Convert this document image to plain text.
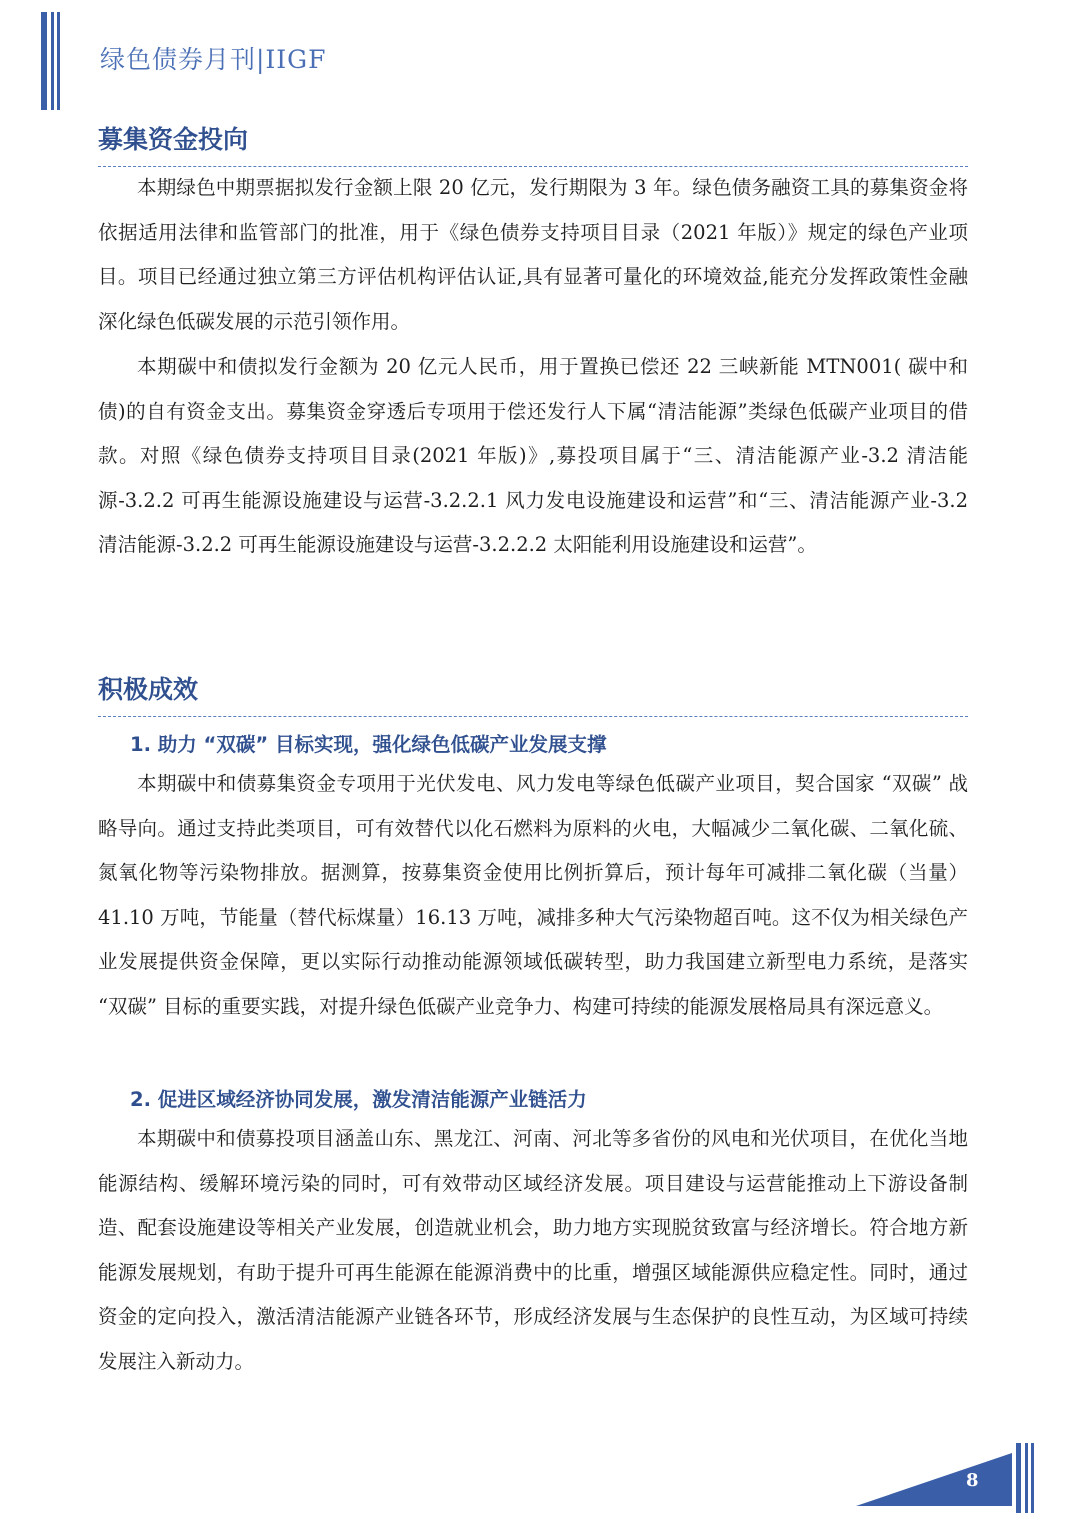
绿色债券月刊|IIGF
募集资金投向

本期绿色中期票据拟发行金额上限 20 亿元，发行期限为 3 年。绿色债务融资工具的募集资金将依据适用法律和监管部门的批准，用于《绿色债券支持项目目录（2021 年版）》规定的绿色产业项目。项目已经通过独立第三方评估机构评估认证,具有显著可量化的环境效益,能充分发挥政策性金融深化绿色低碳发展的示范引领作用。

本期碳中和债拟发行金额为 20 亿元人民币，用于置换已偿还 22 三峡新能 MTN001( 碳中和债)的自有资金支出。募集资金穿透后专项用于偿还发行人下属“清洁能源”类绿色低碳产业项目的借款。对照《绿色债券支持项目目录(2021 年版)》,募投项目属于“三、清洁能源产业-3.2 清洁能源-3.2.2 可再生能源设施建设与运营-3.2.2.1 风力发电设施建设和运营”和“三、清洁能源产业-3.2 清洁能源-3.2.2 可再生能源设施建设与运营-3.2.2.2 太阳能利用设施建设和运营”。

积极成效
1. 助力 “双碳” 目标实现，强化绿色低碳产业发展支撑

本期碳中和债募集资金专项用于光伏发电、风力发电等绿色低碳产业项目，契合国家 “双碳” 战略导向。通过支持此类项目，可有效替代以化石燃料为原料的火电，大幅减少二氧化碳、二氧化硫、氮氧化物等污染物排放。据测算，按募集资金使用比例折算后，预计每年可减排二氧化碳（当量）41.10 万吨，节能量（替代标煤量）16.13 万吨，减排多种大气污染物超百吨。这不仅为相关绿色产业发展提供资金保障，更以实际行动推动能源领域低碳转型，助力我国建立新型电力系统，是落实 “双碳” 目标的重要实践，对提升绿色低碳产业竞争力、构建可持续的能源发展格局具有深远意义。

2. 促进区域经济协同发展，激发清洁能源产业链活力

本期碳中和债募投项目涵盖山东、黑龙江、河南、河北等多省份的风电和光伏项目，在优化当地能源结构、缓解环境污染的同时，可有效带动区域经济发展。项目建设与运营能推动上下游设备制造、配套设施建设等相关产业发展，创造就业机会，助力地方实现脱贫致富与经济增长。符合地方新能源发展规划，有助于提升可再生能源在能源消费中的比重，增强区域能源供应稳定性。同时，通过资金的定向投入，激活清洁能源产业链各环节，形成经济发展与生态保护的良性互动，为区域可持续发展注入新动力。

8
